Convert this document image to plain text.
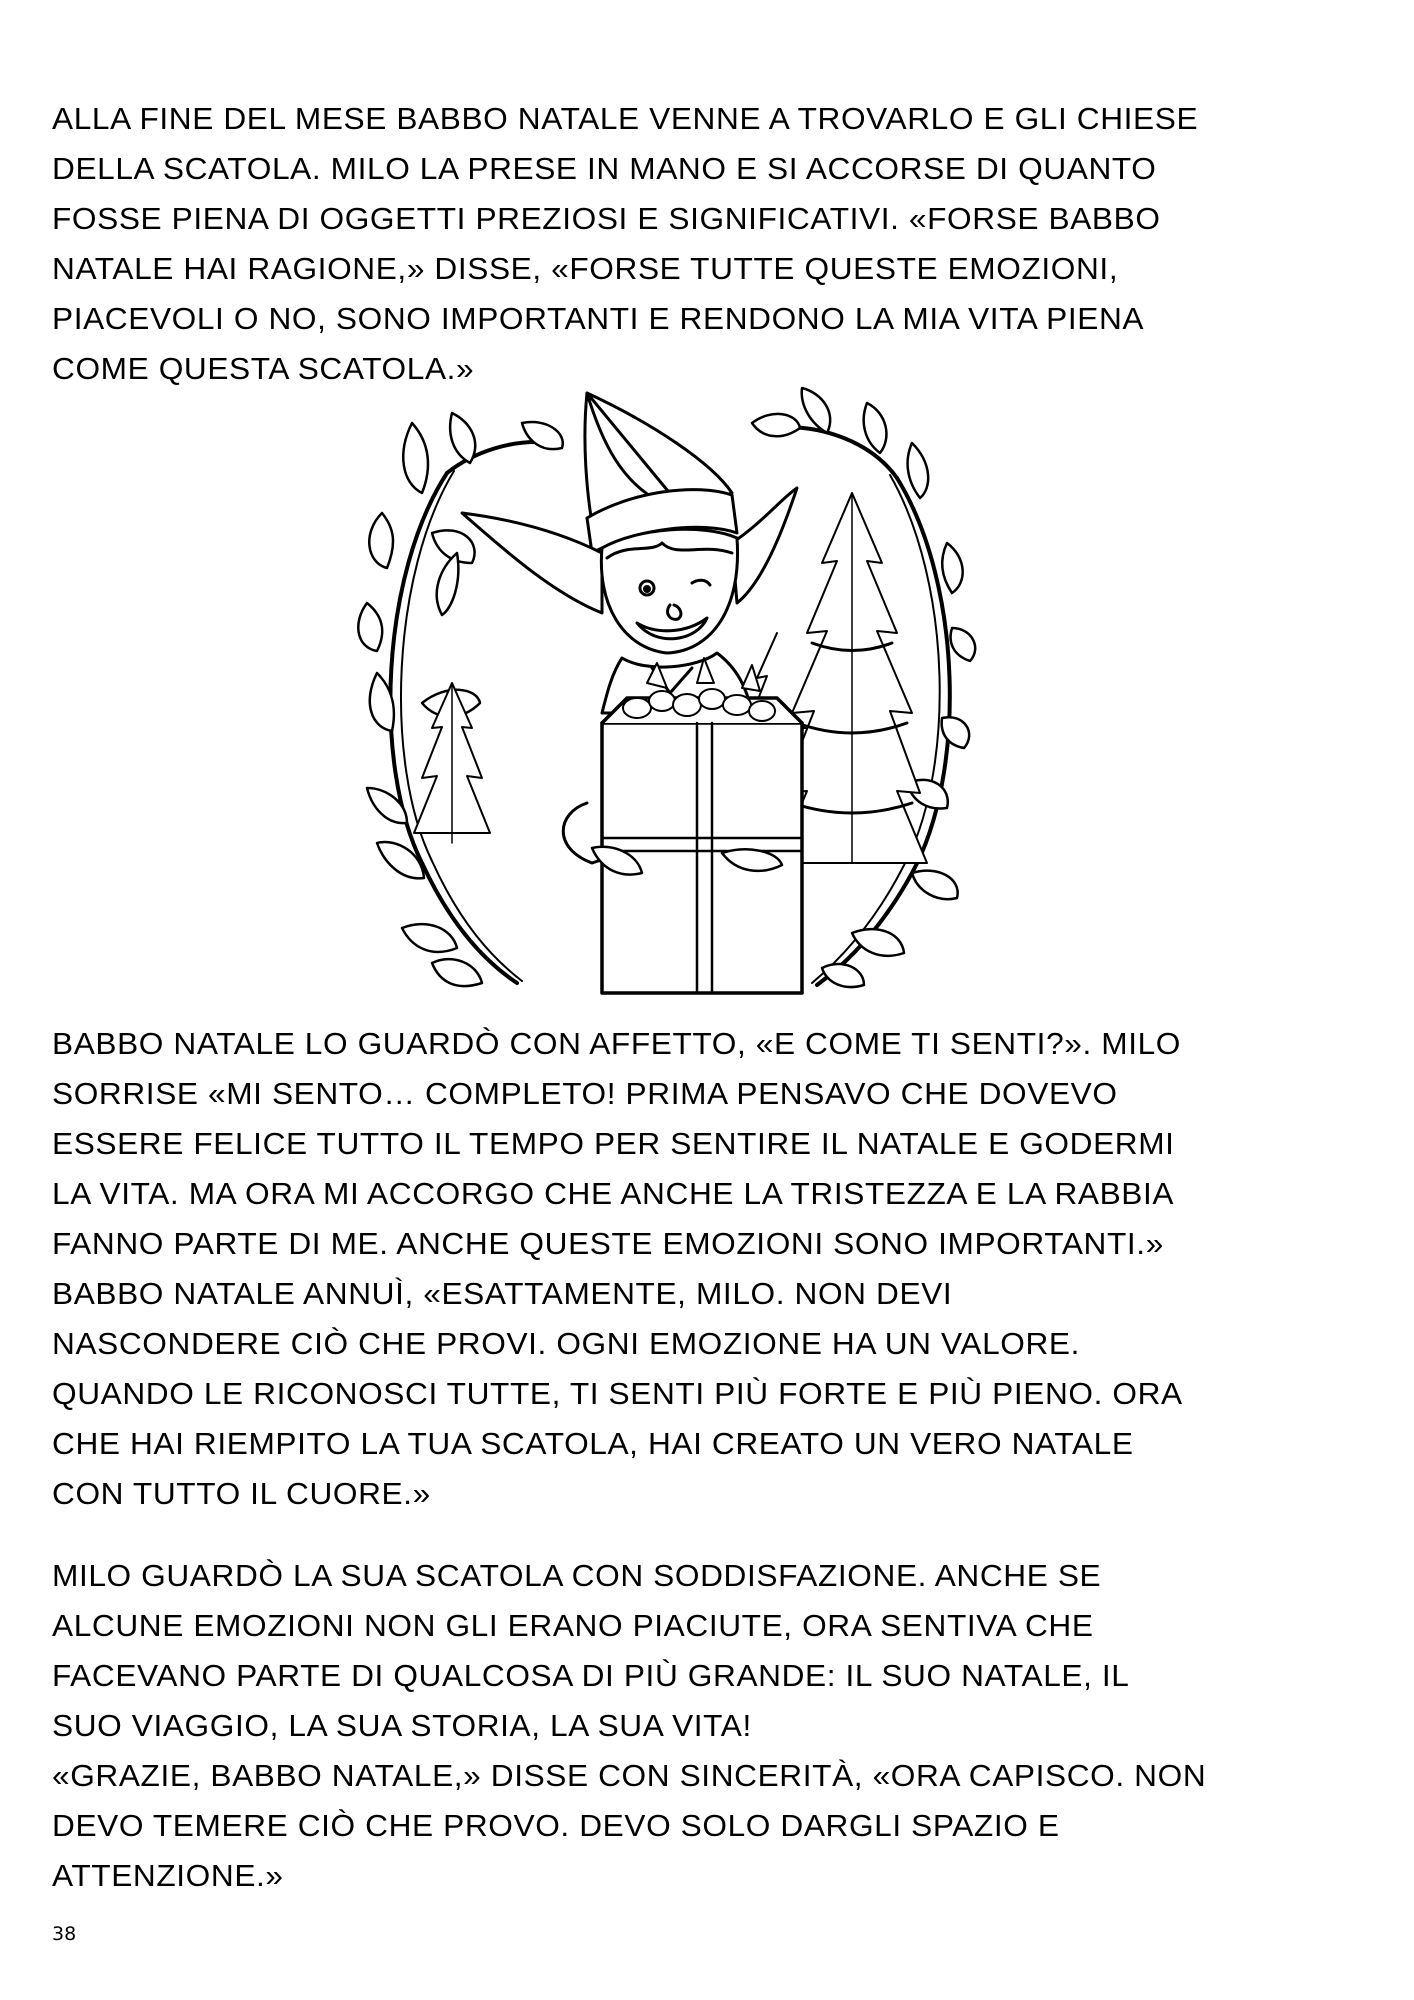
ALLA FINE DEL MESE BABBO NATALE VENNE A TROVARLO E GLI CHIESE
DELLA SCATOLA. MILO LA PRESE IN MANO E SI ACCORSE DI QUANTO
FOSSE PIENA DI OGGETTI PREZIOSI E SIGNIFICATIVI. «FORSE BABBO
NATALE HAI RAGIONE,» DISSE, «FORSE TUTTE QUESTE EMOZIONI,
PIACEVOLI O NO, SONO IMPORTANTI E RENDONO LA MIA VITA PIENA
COME QUESTA SCATOLA.»
BABBO NATALE LO GUARDÒ CON AFFETTO, «E COME TI SENTI?». MILO
SORRISE «MI SENTO… COMPLETO! PRIMA PENSAVO CHE DOVEVO
ESSERE FELICE TUTTO IL TEMPO PER SENTIRE IL NATALE E GODERMI
LA VITA. MA ORA MI ACCORGO CHE ANCHE LA TRISTEZZA E LA RABBIA
FANNO PARTE DI ME. ANCHE QUESTE EMOZIONI SONO IMPORTANTI.»
BABBO NATALE ANNUÌ, «ESATTAMENTE, MILO. NON DEVI
NASCONDERE CIÒ CHE PROVI. OGNI EMOZIONE HA UN VALORE.
QUANDO LE RICONOSCI TUTTE, TI SENTI PIÙ FORTE E PIÙ PIENO. ORA
CHE HAI RIEMPITO LA TUA SCATOLA, HAI CREATO UN VERO NATALE
CON TUTTO IL CUORE.»
MILO GUARDÒ LA SUA SCATOLA CON SODDISFAZIONE. ANCHE SE
ALCUNE EMOZIONI NON GLI ERANO PIACIUTE, ORA SENTIVA CHE
FACEVANO PARTE DI QUALCOSA DI PIÙ GRANDE: IL SUO NATALE, IL
SUO VIAGGIO, LA SUA STORIA, LA SUA VITA!
«GRAZIE, BABBO NATALE,» DISSE CON SINCERITÀ, «ORA CAPISCO. NON
DEVO TEMERE CIÒ CHE PROVO. DEVO SOLO DARGLI SPAZIO E
ATTENZIONE.»
38
